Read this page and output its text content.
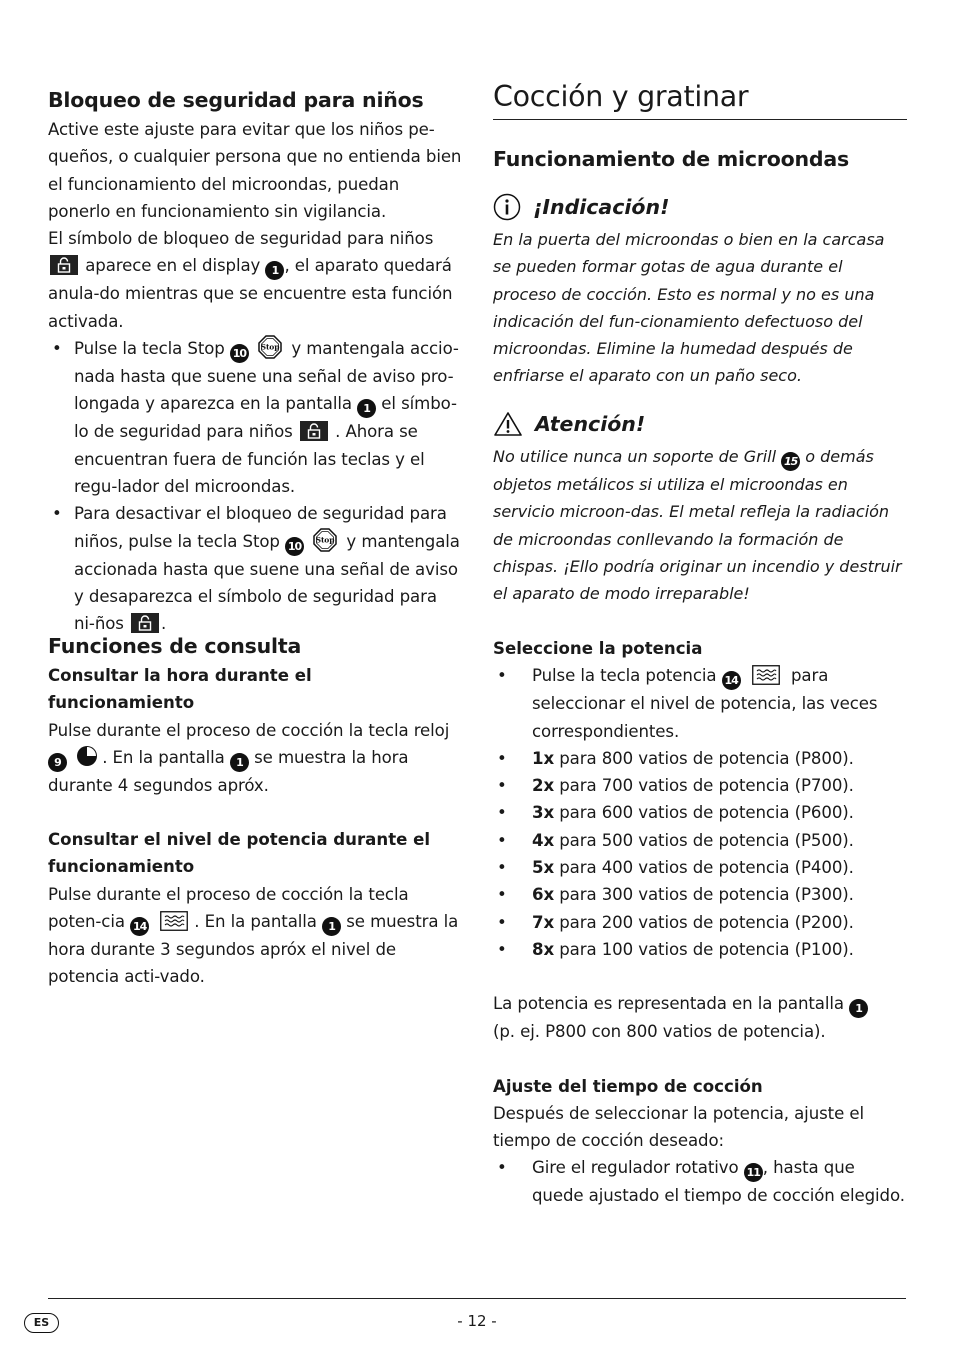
Bloqueo de seguridad para niños

Active este ajuste para evitar que los niños pe-queños, o cualquier persona que no entienda bien el funcionamiento del microondas, puedan ponerlo en funcionamiento sin vigilancia.

El símbolo de bloqueo de seguridad para niños
aparece en el display 1 , el aparato quedará anula-do mientras que se encuentre esta función activada.

• Pulse la tecla Stop 10	y mantengala accio-nada hasta que suene una señal de aviso pro-longada y aparezca en la pantalla 1 el símbo-lo de seguridad para niños	. Ahora se encuentran fuera de función las teclas y el regu-lador del microondas.

• Para desactivar el bloqueo de seguridad para niños, pulse la tecla Stop 10	y mantengala accionada hasta que suene una señal de aviso y desaparezca el símbolo de seguridad para ni-ños .

Funciones de consulta

Consultar la hora durante el funcionamiento

Pulse durante el proceso de cocción la tecla reloj 9 . En la pantalla 1 se muestra la hora durante 4 segundos apróx.

Consultar el nivel de potencia durante el funcionamiento

Pulse durante el proceso de cocción la tecla poten-cia 14	. En la pantalla 1 se muestra la hora durante 3 segundos apróx el nivel de potencia acti-vado.

Cocción y gratinar
Funcionamiento de microondas

¡Indicación!

En la puerta del microondas o bien en la carcasa se pueden formar gotas de agua durante el proceso de cocción. Esto es normal y no es una indicación del fun-cionamiento defectuoso del microondas. Elimine la humedad después de enfriarse el aparato con un paño seco.

Atención!

No utilice nunca un soporte de Grill 15 o demás objetos metálicos si utiliza el microondas en servicio microon-das. El metal refleja la radiación de microondas conllevando la formación de chispas. ¡Ello podría originar un incendio y destruir el aparato de modo irreparable!

Seleccione la potencia

• Pulse la tecla potencia 14	para seleccionar el nivel de potencia, las veces correspondientes.

• 1x para 800 vatios de potencia (P800).

• 2x para 700 vatios de potencia (P700).

• 3x para 600 vatios de potencia (P600).

• 4x para 500 vatios de potencia (P500).

• 5x para 400 vatios de potencia (P400).

• 6x para 300 vatios de potencia (P300).

• 7x para 200 vatios de potencia (P200).

• 8x para 100 vatios de potencia (P100).

La potencia es representada en la pantalla 1
(p. ej. P800 con 800 vatios de potencia).

Ajuste del tiempo de cocción

Después de seleccionar la potencia, ajuste el tiempo de cocción deseado:

• Gire el regulador rotativo 11 , hasta que quede ajustado el tiempo de cocción elegido.

ES	- 12 -
